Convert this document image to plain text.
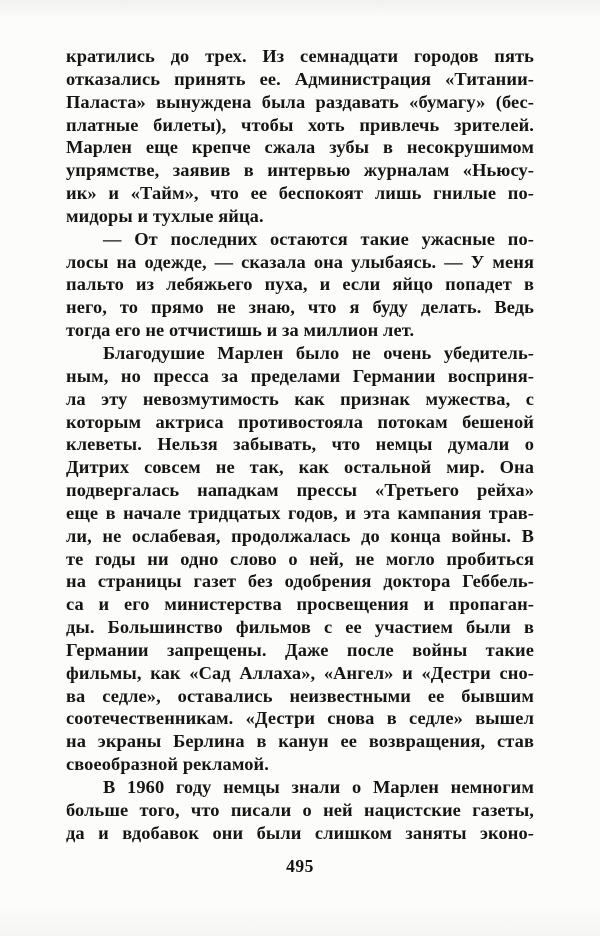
кратились до трех. Из семнадцати городов пять
отказались принять ее. Администрация «Титании-
Паласта» вынуждена была раздавать «бумагу» (бес-
платные билеты), чтобы хоть привлечь зрителей.
Марлен еще крепче сжала зубы в несокрушимом
упрямстве, заявив в интервью журналам «Ньюсу-
ик» и «Тайм», что ее беспокоят лишь гнилые по-
мидоры и тухлые яйца.
— От последних остаются такие ужасные по-
лосы на одежде, — сказала она улыбаясь. — У меня
пальто из лебяжьего пуха, и если яйцо попадет в
него, то прямо не знаю, что я буду делать. Ведь
тогда его не отчистишь и за миллион лет.
Благодушие Марлен было не очень убедитель-
ным, но пресса за пределами Германии восприня-
ла эту невозмутимость как признак мужества, с
которым актриса противостояла потокам бешеной
клеветы. Нельзя забывать, что немцы думали о
Дитрих совсем не так, как остальной мир. Она
подвергалась нападкам прессы «Третьего рейха»
еще в начале тридцатых годов, и эта кампания трав-
ли, не ослабевая, продолжалась до конца войны. В
те годы ни одно слово о ней, не могло пробиться
на страницы газет без одобрения доктора Геббель-
са и его министерства просвещения и пропаган-
ды. Большинство фильмов с ее участием были в
Германии запрещены. Даже после войны такие
фильмы, как «Сад Аллаха», «Ангел» и «Дестри сно-
ва седле», оставались неизвестными ее бывшим
соотечественникам. «Дестри снова в седле» вышел
на экраны Берлина в канун ее возвращения, став
своеобразной рекламой.
В 1960 году немцы знали о Марлен немногим
больше того, что писали о ней нацистские газеты,
да и вдобавок они были слишком заняты эконо-
495
